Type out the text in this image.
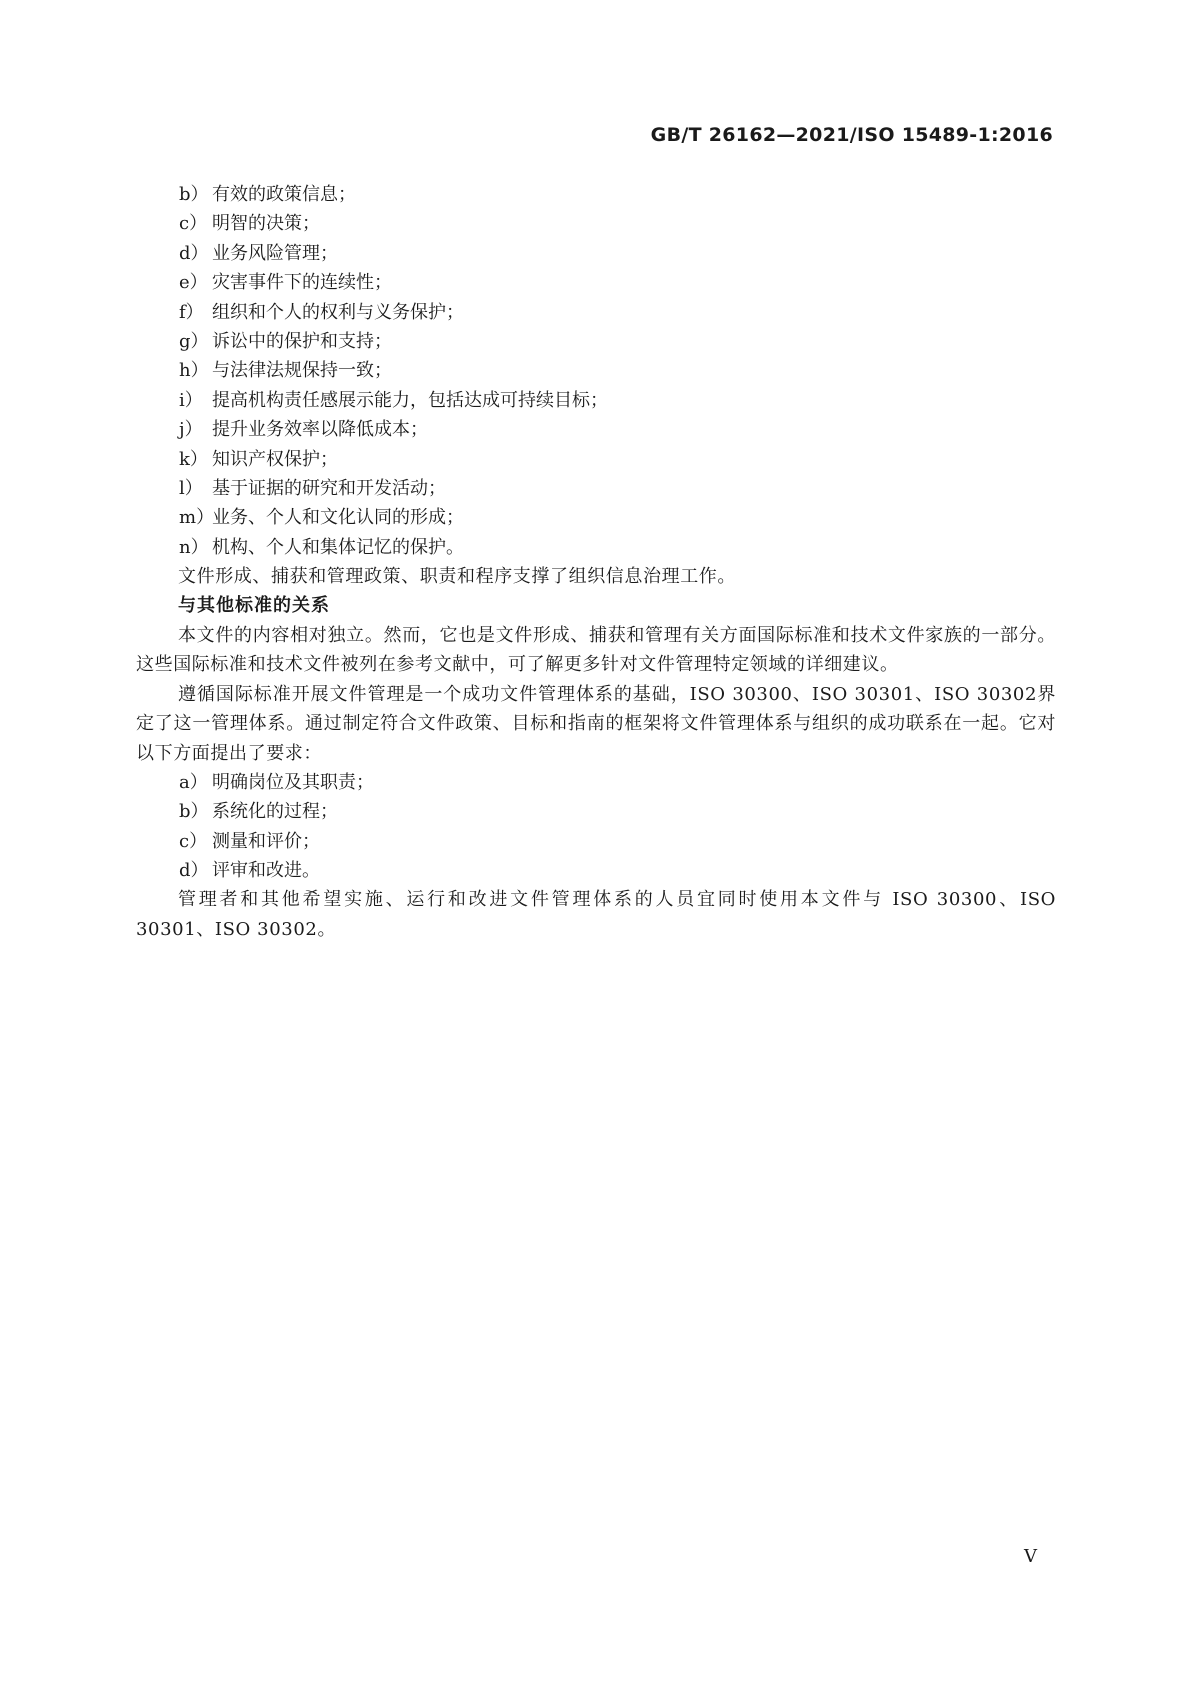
GB/T 26162—2021/ISO 15489-1:2016
b） 有效的政策信息；
c） 明智的决策；
d） 业务风险管理；
e） 灾害事件下的连续性；
f） 组织和个人的权利与义务保护；
g） 诉讼中的保护和支持；
h） 与法律法规保持一致；
i） 提高机构责任感展示能力，包括达成可持续目标；
j） 提升业务效率以降低成本；
k） 知识产权保护；
l） 基于证据的研究和开发活动；
m）
业务、个人和文化认同的形成；
n） 机构、个人和集体记忆的保护。

文件形成、捕获和管理政策、职责和程序支撑了组织信息治理工作。

与其他标准的关系

本文件的内容相对独立。然而，它也是文件形成、捕获和管理有关方面国际标准和技术文件家族的一部分。这些国际标准和技术文件被列在参考文献中，可了解更多针对文件管理特定领域的详细建议。

遵循国际标准开展文件管理是一个成功文件管理体系的基础，ISO 30300、ISO 30301、ISO 30302界定了这一管理体系。通过制定符合文件政策、目标和指南的框架将文件管理体系与组织的成功联系在一起。它对以下方面提出了要求：

a） 明确岗位及其职责；
b） 系统化的过程；
c） 测量和评价；
d） 评审和改进。

管理者和其他希望实施、运行和改进文件管理体系的人员宜同时使用本文件与 ISO 30300、ISO 30301、ISO 30302。

V
